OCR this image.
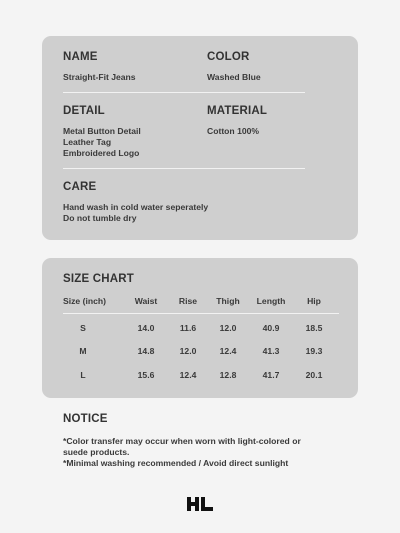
NAME
Straight-Fit Jeans
COLOR
Washed Blue
DETAIL
Metal Button Detail
Leather Tag
Embroidered Logo
MATERIAL
Cotton 100%
CARE
Hand wash in cold water seperately
Do not tumble dry
SIZE CHART
Size (inch)	Waist	Rise Thigh Length	Hip
S	14.0	11.6	12.0	40.9	18.5
M	14.8	12.0	12.4	41.3	19.3
L	15.6	12.4	12.8	41.7	20.1
NOTICE
*Color transfer may occur when worn with light-colored or
suede products.
*Minimal washing recommended / Avoid direct sunlight
